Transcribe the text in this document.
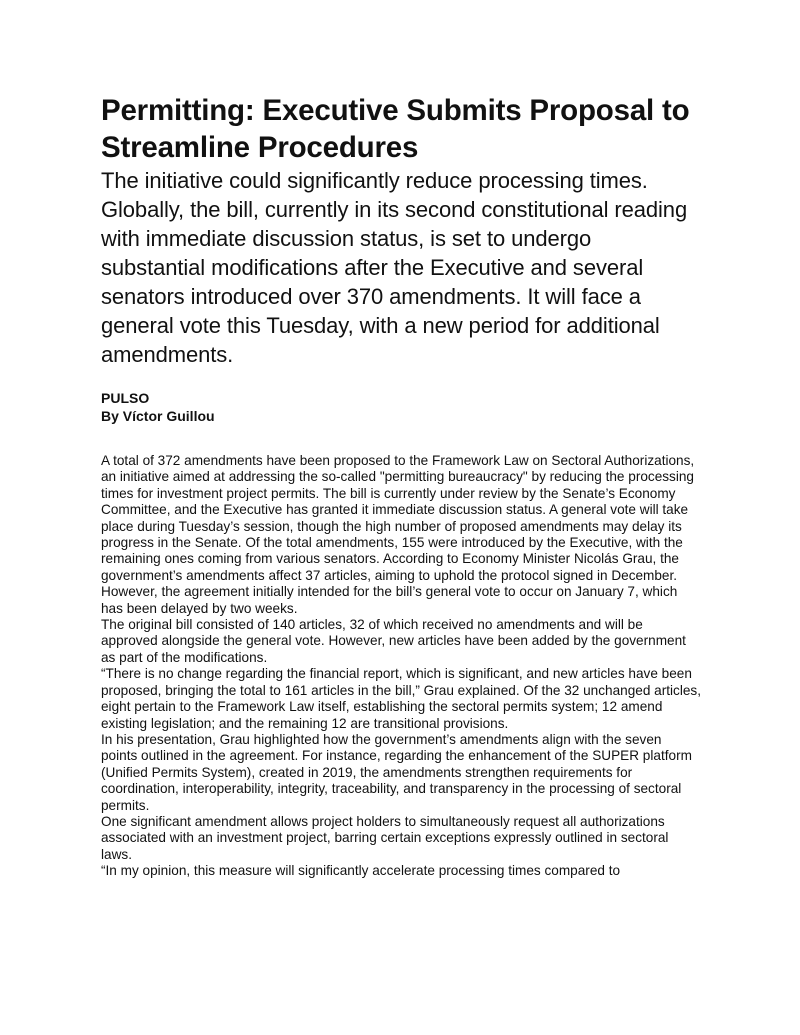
Permitting: Executive Submits Proposal to Streamline Procedures

The initiative could significantly reduce processing times. Globally, the bill, currently in its second constitutional reading with immediate discussion status, is set to undergo substantial modifications after the Executive and several senators introduced over 370 amendments. It will face a general vote this Tuesday, with a new period for additional amendments.

PULSO
By Víctor Guillou

A total of 372 amendments have been proposed to the Framework Law on Sectoral Authorizations, an initiative aimed at addressing the so-called "permitting bureaucracy" by reducing the processing times for investment project permits. The bill is currently under review by the Senate’s Economy Committee, and the Executive has granted it immediate discussion status. A general vote will take place during Tuesday’s session, though the high number of proposed amendments may delay its progress in the Senate. Of the total amendments, 155 were introduced by the Executive, with the remaining ones coming from various senators. According to Economy Minister Nicolás Grau, the government’s amendments affect 37 articles, aiming to uphold the protocol signed in December. However, the agreement initially intended for the bill’s general vote to occur on January 7, which has been delayed by two weeks.

The original bill consisted of 140 articles, 32 of which received no amendments and will be approved alongside the general vote. However, new articles have been added by the government as part of the modifications.

“There is no change regarding the financial report, which is significant, and new articles have been proposed, bringing the total to 161 articles in the bill,” Grau explained. Of the 32 unchanged articles, eight pertain to the Framework Law itself, establishing the sectoral permits system; 12 amend existing legislation; and the remaining 12 are transitional provisions.

In his presentation, Grau highlighted how the government’s amendments align with the seven points outlined in the agreement. For instance, regarding the enhancement of the SUPER platform (Unified Permits System), created in 2019, the amendments strengthen requirements for coordination, interoperability, integrity, traceability, and transparency in the processing of sectoral permits.

One significant amendment allows project holders to simultaneously request all authorizations associated with an investment project, barring certain exceptions expressly outlined in sectoral laws.

“In my opinion, this measure will significantly accelerate processing times compared to
